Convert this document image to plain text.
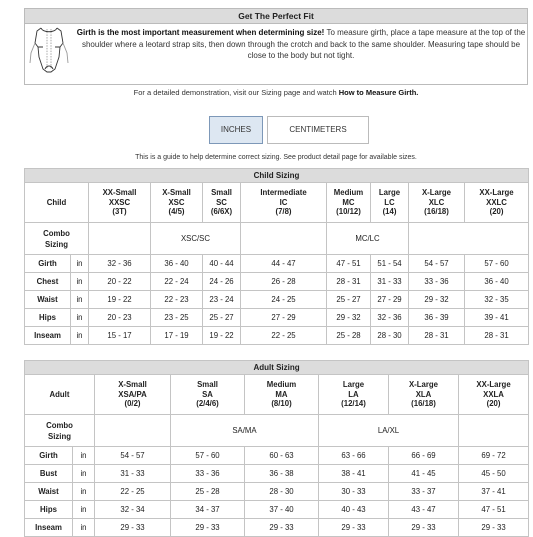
Get The Perfect Fit
Girth is the most important measurement when determining size! To measure girth, place a tape measure at the top of the shoulder where a leotard strap sits, then down through the crotch and back to the same shoulder. Measuring tape should be close to the body but not tight.
For a detailed demonstration, visit our Sizing page and watch How to Measure Girth.
INCHES	CENTIMETERS
This is a guide to help determine correct sizing. See product detail page for available sizes.
Child Sizing									
Child		XX-Small
XXSC
(3T)	X-Small
XSC
(4/5)	Small
SC
(6/6X)	Intermediate
IC
(7/8)	Medium
MC
(10/12)	Large
LC
(14)	X-Large
XLC
(16/18)	XX-Large
XXLC
(20)
Combo
Sizing			XSC/SC			MC/LC			
Girth	in	32 - 36	36 - 40	40 - 44	44 - 47	47 - 51	51 - 54	54 - 57	57 - 60
Chest	in	20 - 22	22 - 24	24 - 26	26 - 28	28 - 31	31 - 33	33 - 36	36 - 40
Waist	in	19 - 22	22 - 23	23 - 24	24 - 25	25 - 27	27 - 29	29 - 32	32 - 35
Hips	in	20 - 23	23 - 25	25 - 27	27 - 29	29 - 32	32 - 36	36 - 39	39 - 41
Inseam	in	15 - 17	17 - 19	19 - 22	22 - 25	25 - 28	28 - 30	28 - 31	28 - 31
Adult Sizing							
Adult		X-Small
XSA/PA
(0/2)	Small
SA
(2/4/6)	Medium
MA
(8/10)	Large
LA
(12/14)	X-Large
XLA
(16/18)	XX-Large
XXLA
(20)
Combo
Sizing			SA/MA		LA/XL		
Girth	in	54 - 57	57 - 60	60 - 63	63 - 66	66 - 69	69 - 72
Bust	in	31 - 33	33 - 36	36 - 38	38 - 41	41 - 45	45 - 50
Waist	in	22 - 25	25 - 28	28 - 30	30 - 33	33 - 37	37 - 41
Hips	in	32 - 34	34 - 37	37 - 40	40 - 43	43 - 47	47 - 51
Inseam	in	29 - 33	29 - 33	29 - 33	29 - 33	29 - 33	29 - 33
